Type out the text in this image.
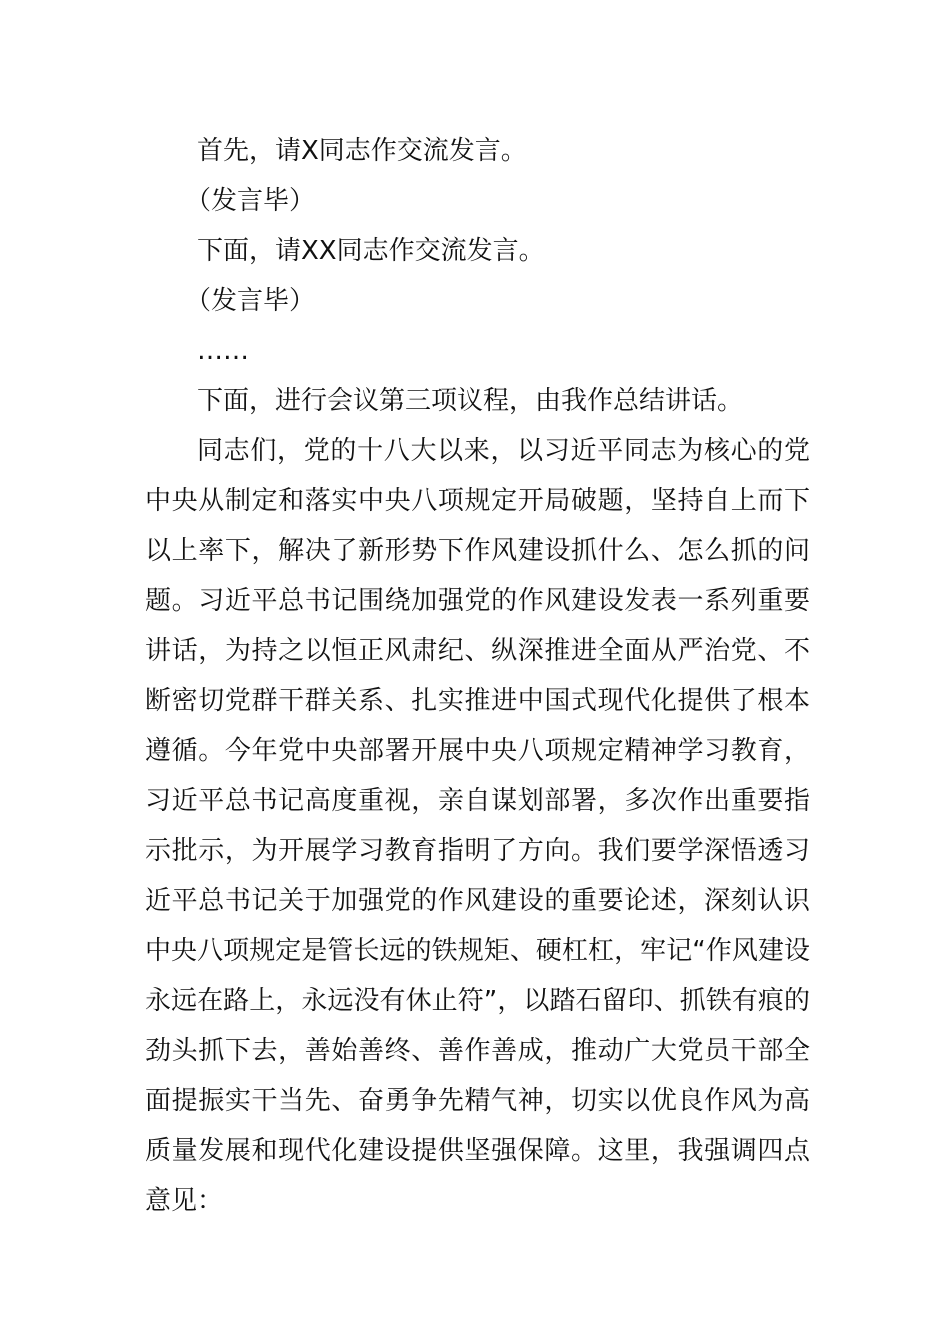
首先，请X同志作交流发言。

（发言毕）

下面，请XX同志作交流发言。

（发言毕）

……

下面，进行会议第三项议程，由我作总结讲话。

同志们，党的十八大以来，以习近平同志为核心的党中央从制定和落实中央八项规定开局破题，坚持自上而下以上率下，解决了新形势下作风建设抓什么、怎么抓的问题。习近平总书记围绕加强党的作风建设发表一系列重要讲话，为持之以恒正风肃纪、纵深推进全面从严治党、不断密切党群干群关系、扎实推进中国式现代化提供了根本遵循。今年党中央部署开展中央八项规定精神学习教育，习近平总书记高度重视，亲自谋划部署，多次作出重要指示批示，为开展学习教育指明了方向。我们要学深悟透习近平总书记关于加强党的作风建设的重要论述，深刻认识中央八项规定是管长远的铁规矩、硬杠杠，牢记“作风建设永远在路上，永远没有休止符”，以踏石留印、抓铁有痕的劲头抓下去，善始善终、善作善成，推动广大党员干部全面提振实干当先、奋勇争先精气神，切实以优良作风为高质量发展和现代化建设提供坚强保障。这里，我强调四点意见：
